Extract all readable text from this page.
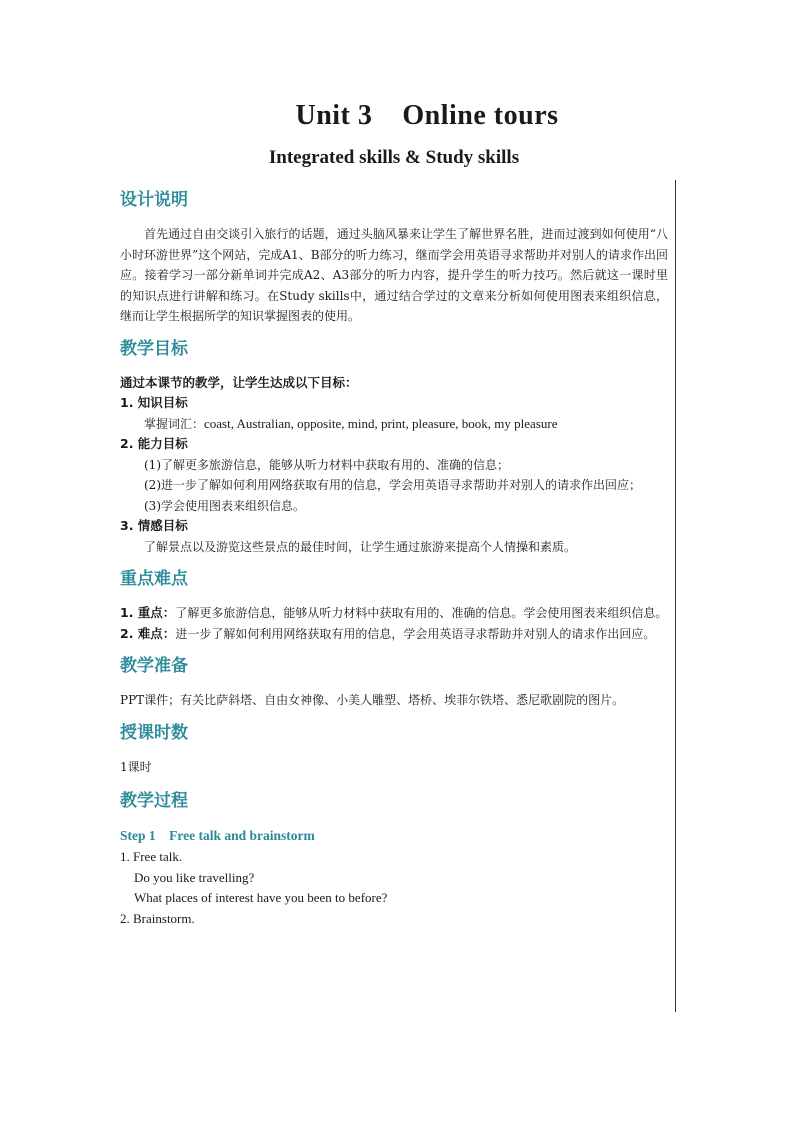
Unit 3    Online tours
Integrated skills & Study skills
设计说明
首先通过自由交谈引入旅行的话题，通过头脑风暴来让学生了解世界名胜，进而过渡到如何使用“八小时环游世界”这个网站，完成A1、B部分的听力练习，继而学会用英语寻求帮助并对别人的请求作出回应。接着学习一部分新单词并完成A2、A3部分的听力内容，提升学生的听力技巧。然后就这一课时里的知识点进行讲解和练习。在Study skills中，通过结合学过的文章来分析如何使用图表来组织信息，继而让学生根据所学的知识掌握图表的使用。
教学目标
通过本课节的教学，让学生达成以下目标：
1. 知识目标
掌握词汇：coast, Australian, opposite, mind, print, pleasure, book, my pleasure
2. 能力目标
(1)了解更多旅游信息，能够从听力材料中获取有用的、准确的信息；
(2)进一步了解如何利用网络获取有用的信息，学会用英语寻求帮助并对别人的请求作出回应；
(3)学会使用图表来组织信息。
3. 情感目标
了解景点以及游览这些景点的最佳时间，让学生通过旅游来提高个人情操和素质。
重点难点
1. 重点：了解更多旅游信息，能够从听力材料中获取有用的、准确的信息。学会使用图表来组织信息。
2. 难点：进一步了解如何利用网络获取有用的信息，学会用英语寻求帮助并对别人的请求作出回应。
教学准备
PPT课件；有关比萨斜塔、自由女神像、小美人雕塑、塔桥、埃菲尔铁塔、悉尼歌剧院的图片。
授课时数
1课时
教学过程
Step 1    Free talk and brainstorm
1. Free talk.
Do you like travelling?
What places of interest have you been to before?
2. Brainstorm.
